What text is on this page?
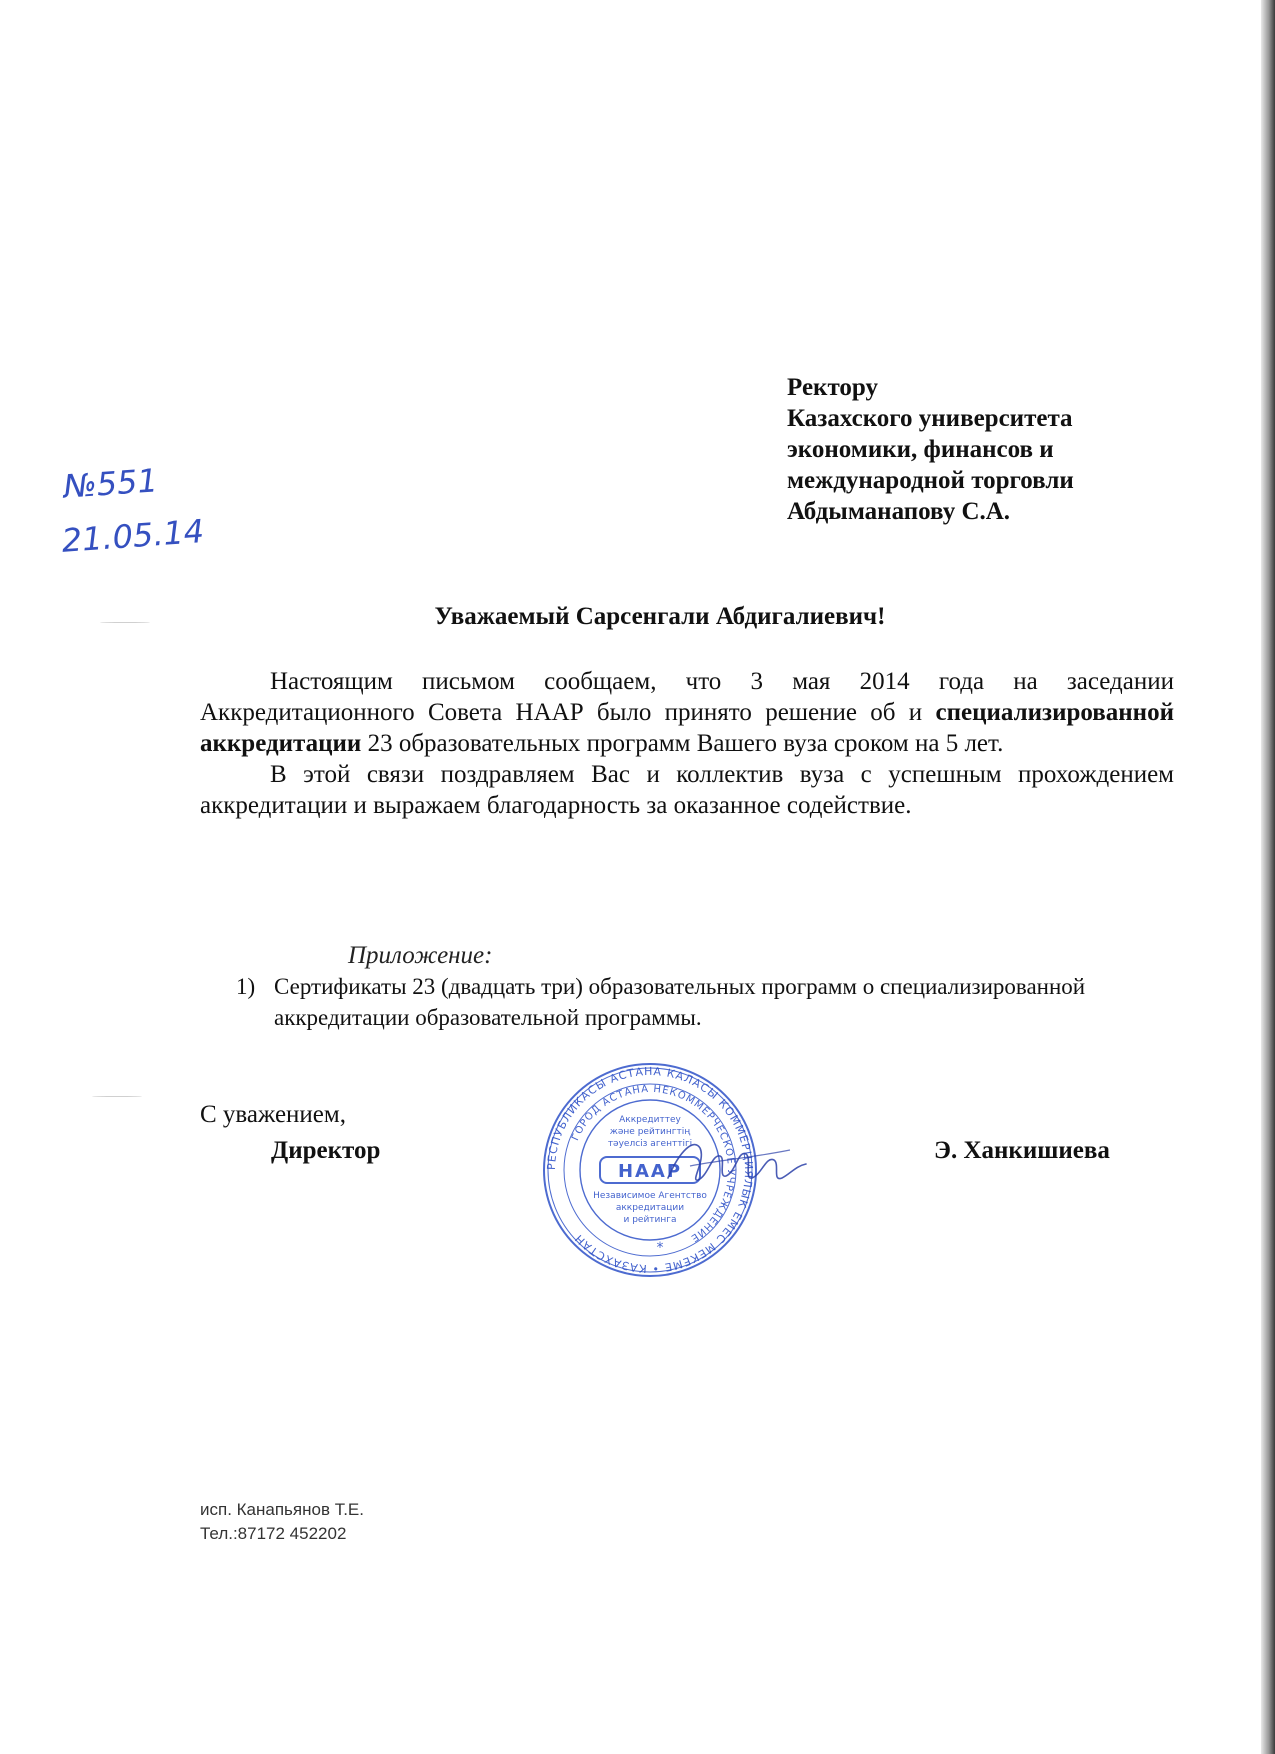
Ректору
Казахского университета
экономики, финансов и
международной торговли
Абдыманапову С.А.
№551
21.05.14
Уважаемый Сарсенгали Абдигалиевич!

Настоящим письмом сообщаем, что 3 мая 2014 года на заседании Аккредитационного Совета НААР было принято решение об и специализированной аккредитации 23 образовательных программ Вашего вуза сроком на 5 лет.

В этой связи поздравляем Вас и коллектив вуза с успешным прохождением аккредитации и выражаем благодарность за оказанное содействие.

Приложение:
1) Сертификаты 23 (двадцать три) образовательных программ о специализированной аккредитации образовательной программы.
С уважением,
Директор	Э. Ханкишиева
РЕСПУБЛИКАСЫ АСТАНА КАЛАСЫ КОММЕРЦИЯЛЫК ЕМЕС МЕКЕМЕ • КАЗАХСТАН
ГОРОД АСТАНА НЕКОММЕРЧЕСКОЕ УЧРЕЖДЕНИЕ
Аккредиттеу
және рейтингтің
тәуелсіз агенттігі
НААР
Независимое Агентство
аккредитации
и рейтинга
*
исп. Канапьянов Т.Е.
Тел.:87172 452202
